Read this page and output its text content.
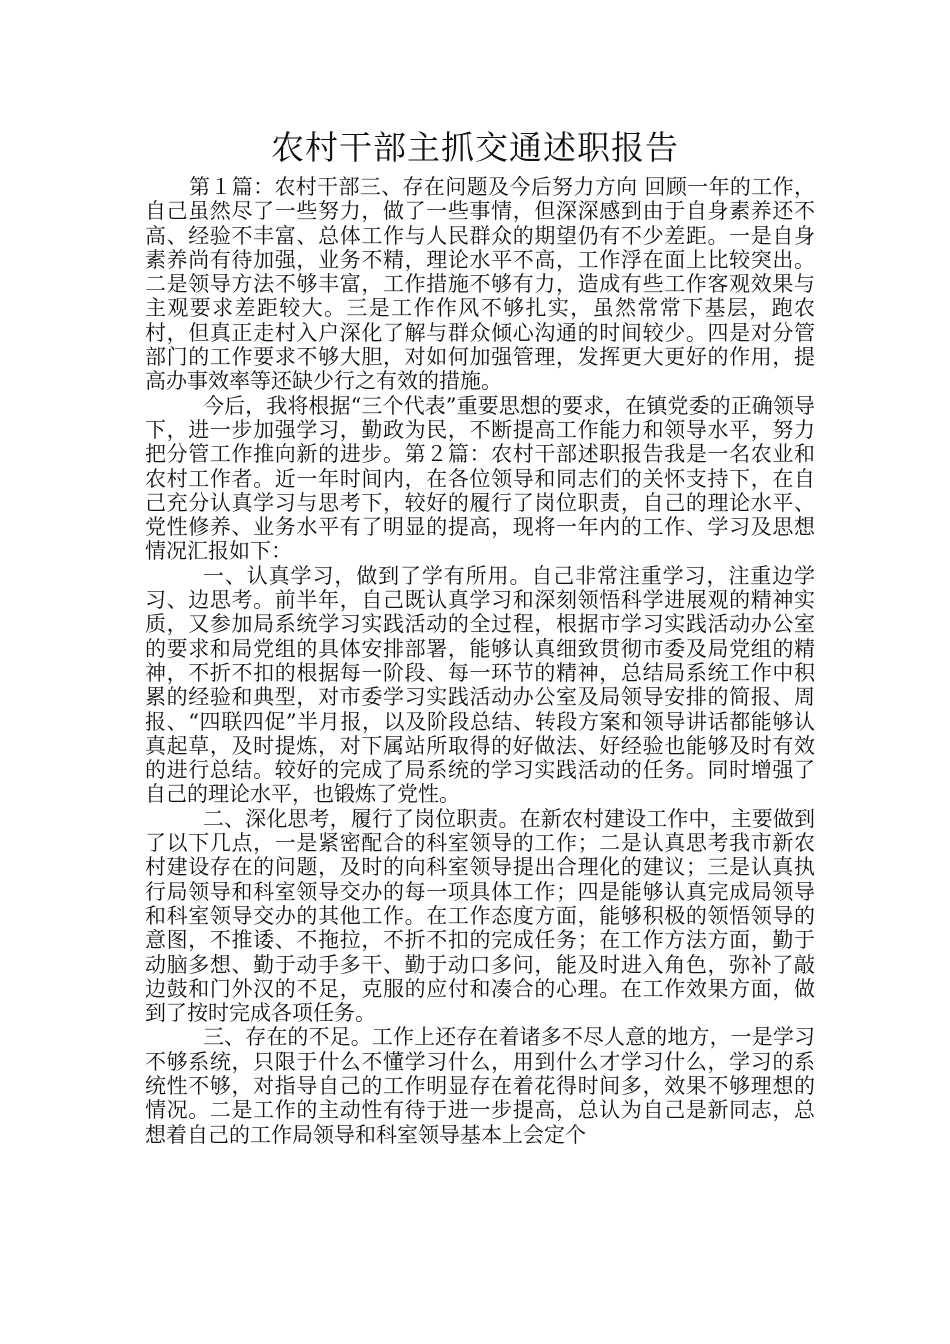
农村干部主抓交通述职报告

第１篇：农村干部三、存在问题及今后努力方向 回顾一年的工作，自己虽然尽了一些努力，做了一些事情，但深深感到由于自身素养还不高、经验不丰富、总体工作与人民群众的期望仍有不少差距。一是自身素养尚有待加强，业务不精，理论水平不高，工作浮在面上比较突出。二是领导方法不够丰富，工作措施不够有力，造成有些工作客观效果与主观要求差距较大。三是工作作风不够扎实，虽然常常下基层，跑农村，但真正走村入户深化了解与群众倾心沟通的时间较少。四是对分管部门的工作要求不够大胆，对如何加强管理，发挥更大更好的作用，提高办事效率等还缺少行之有效的措施。

今后，我将根据“三个代表”重要思想的要求，在镇党委的正确领导下，进一步加强学习，勤政为民，不断提高工作能力和领导水平，努力把分管工作推向新的进步。第２篇：农村干部述职报告我是一名农业和农村工作者。近一年时间内，在各位领导和同志们的关怀支持下，在自己充分认真学习与思考下，较好的履行了岗位职责，自己的理论水平、党性修养、业务水平有了明显的提高，现将一年内的工作、学习及思想情况汇报如下：

一、认真学习，做到了学有所用。自己非常注重学习，注重边学习、边思考。前半年，自己既认真学习和深刻领悟科学进展观的精神实质，又参加局系统学习实践活动的全过程，根据市学习实践活动办公室的要求和局党组的具体安排部署，能够认真细致贯彻市委及局党组的精神，不折不扣的根据每一阶段、每一环节的精神，总结局系统工作中积累的经验和典型，对市委学习实践活动办公室及局领导安排的简报、周报、“四联四促”半月报，以及阶段总结、转段方案和领导讲话都能够认真起草，及时提炼，对下属站所取得的好做法、好经验也能够及时有效的进行总结。较好的完成了局系统的学习实践活动的任务。同时增强了自己的理论水平，也锻炼了党性。

二、深化思考，履行了岗位职责。在新农村建设工作中，主要做到了以下几点，一是紧密配合的科室领导的工作；二是认真思考我市新农村建设存在的问题，及时的向科室领导提出合理化的建议；三是认真执行局领导和科室领导交办的每一项具体工作；四是能够认真完成局领导和科室领导交办的其他工作。在工作态度方面，能够积极的领悟领导的意图，不推诿、不拖拉，不折不扣的完成任务；在工作方法方面，勤于动脑多想、勤于动手多干、勤于动口多问，能及时进入角色，弥补了敲边鼓和门外汉的不足，克服的应付和凑合的心理。在工作效果方面，做到了按时完成各项任务。

三、存在的不足。工作上还存在着诸多不尽人意的地方，一是学习不够系统，只限于什么不懂学习什么，用到什么才学习什么，学习的系统性不够，对指导自己的工作明显存在着花得时间多，效果不够理想的情况。二是工作的主动性有待于进一步提高，总认为自己是新同志，总想着自己的工作局领导和科室领导基本上会定个
